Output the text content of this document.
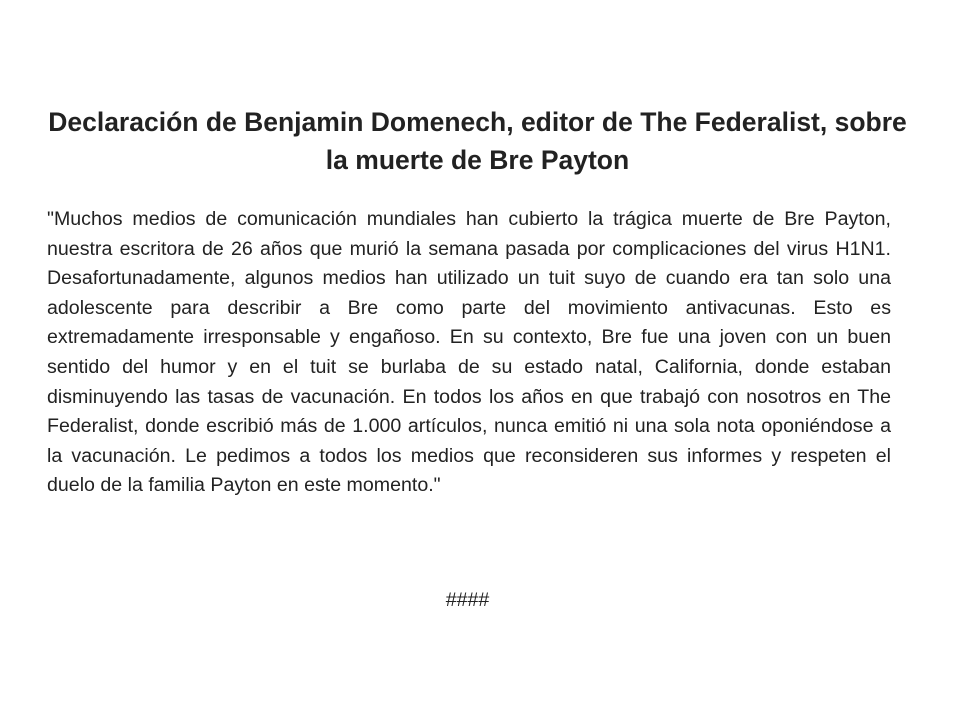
Declaración de Benjamin Domenech, editor de The Federalist, sobre la muerte de Bre Payton

"Muchos medios de comunicación mundiales han cubierto la trágica muerte de Bre Payton, nuestra escritora de 26 años que murió la semana pasada por complicaciones del virus H1N1. Desafortunadamente, algunos medios han utilizado un tuit suyo de cuando era tan solo una adolescente para describir a Bre como parte del movimiento antivacunas. Esto es extremadamente irresponsable y engañoso. En su contexto, Bre fue una joven con un buen sentido del humor y en el tuit se burlaba de su estado natal, California, donde estaban disminuyendo las tasas de vacunación. En todos los años en que trabajó con nosotros en The Federalist, donde escribió más de 1.000 artículos, nunca emitió ni una sola nota oponiéndose a la vacunación. Le pedimos a todos los medios que reconsideren sus informes y respeten el duelo de la familia Payton en este momento."

####
